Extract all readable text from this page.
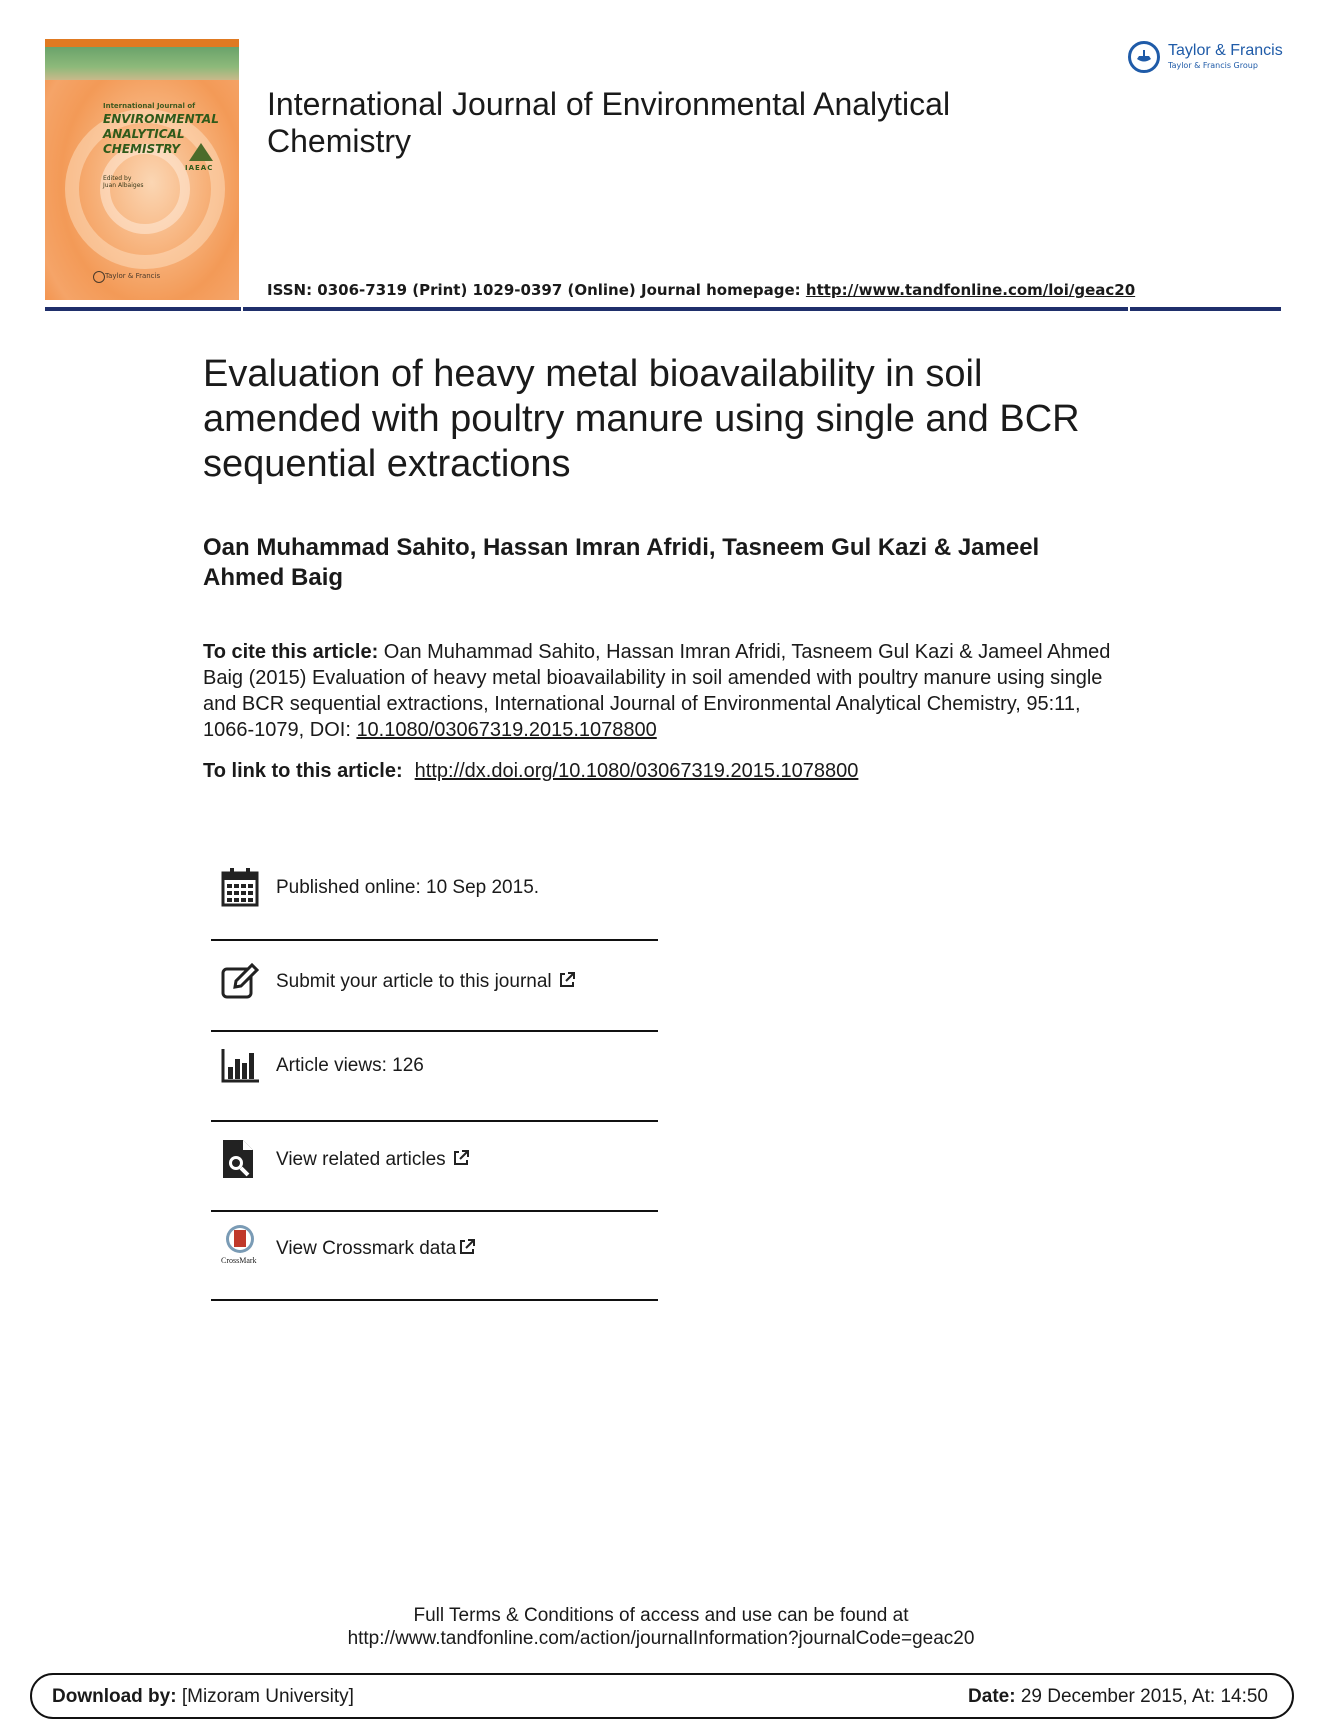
International Journal of
ENVIRONMENTAL
ANALYTICAL
CHEMISTRY
IAEAC
Edited by
Juan Albaiges
Taylor & Francis
Taylor & Francis
Taylor & Francis Group
International Journal of Environmental Analytical Chemistry
ISSN: 0306-7319 (Print) 1029-0397 (Online) Journal homepage: http://www.tandfonline.com/loi/geac20
Evaluation of heavy metal bioavailability in soil amended with poultry manure using single and BCR sequential extractions
Oan Muhammad Sahito, Hassan Imran Afridi, Tasneem Gul Kazi & Jameel Ahmed Baig
To cite this article: Oan Muhammad Sahito, Hassan Imran Afridi, Tasneem Gul Kazi & Jameel Ahmed Baig (2015) Evaluation of heavy metal bioavailability in soil amended with poultry manure using single and BCR sequential extractions, International Journal of Environmental Analytical Chemistry, 95:11, 1066-1079, DOI: 10.1080/03067319.2015.1078800
To link to this article: http://dx.doi.org/10.1080/03067319.2015.1078800
Published online: 10 Sep 2015.
Submit your article to this journal
Article views: 126
View related articles
CrossMark
View Crossmark data
Full Terms & Conditions of access and use can be found at
http://www.tandfonline.com/action/journalInformation?journalCode=geac20
Download by: [Mizoram University]	Date: 29 December 2015, At: 14:50
